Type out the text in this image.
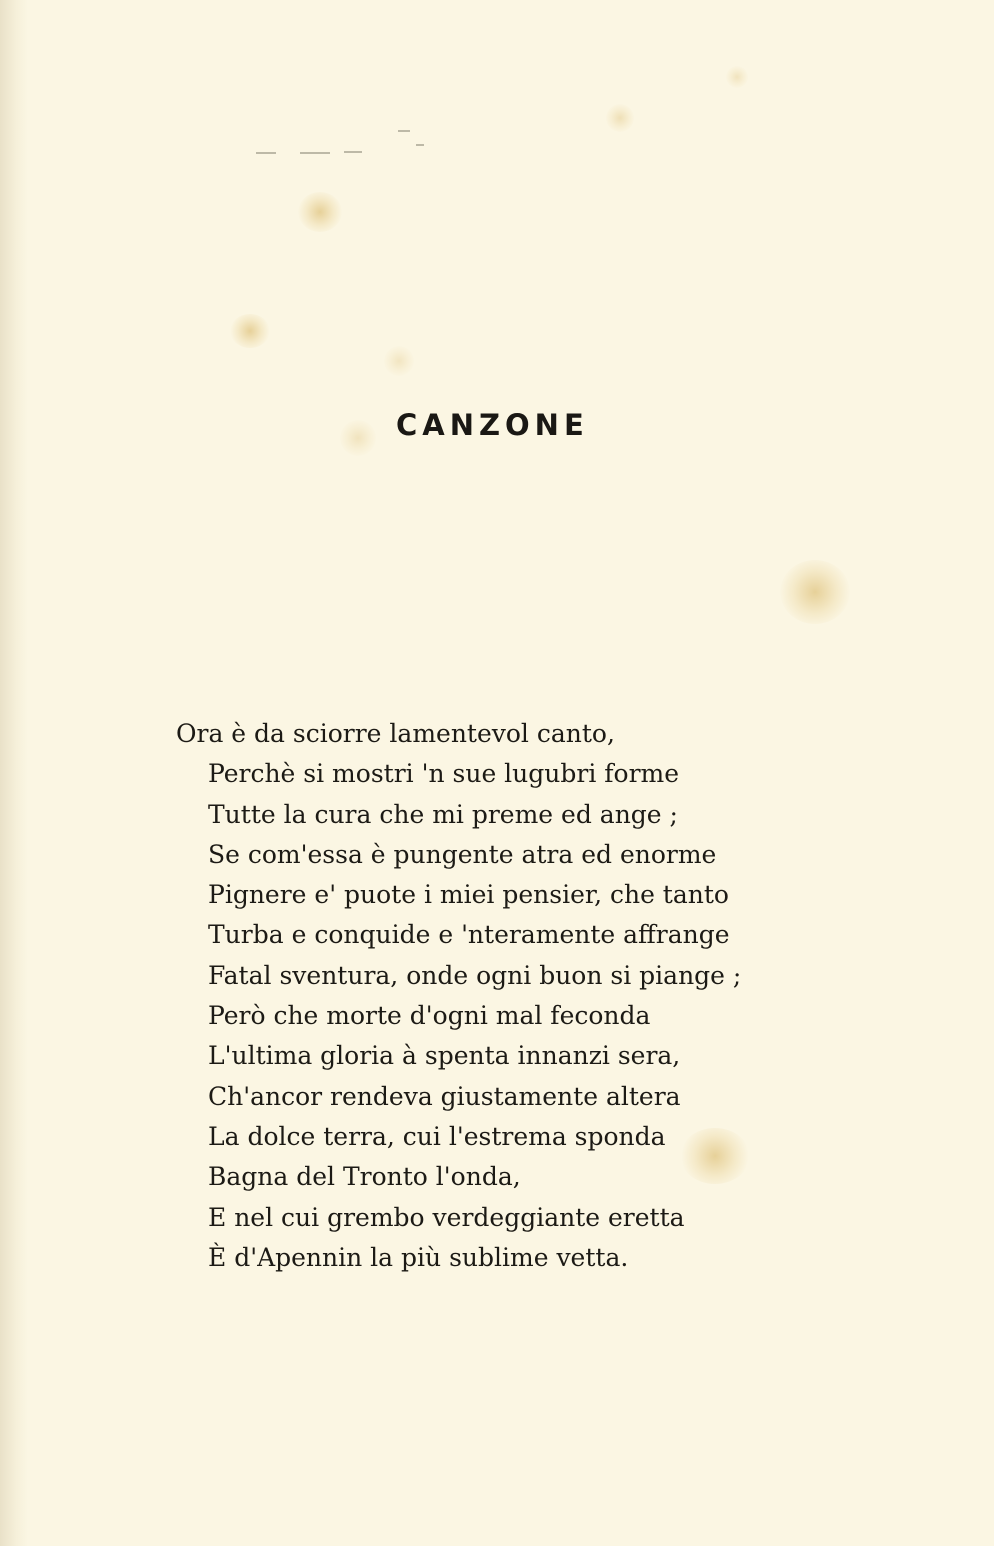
CANZONE
Ora è da sciorre lamentevol canto,
Perchè si mostri 'n sue lugubri forme
Tutte la cura che mi preme ed ange ;
Se com'essa è pungente atra ed enorme
Pignere e' puote i miei pensier, che tanto
Turba e conquide e 'nteramente affrange
Fatal sventura, onde ogni buon si piange ;
Però che morte d'ogni mal feconda
L'ultima gloria à spenta innanzi sera,
Ch'ancor rendeva giustamente altera
La dolce terra, cui l'estrema sponda
Bagna del Tronto l'onda,
E nel cui grembo verdeggiante eretta
È d'Apennin la più sublime vetta.
